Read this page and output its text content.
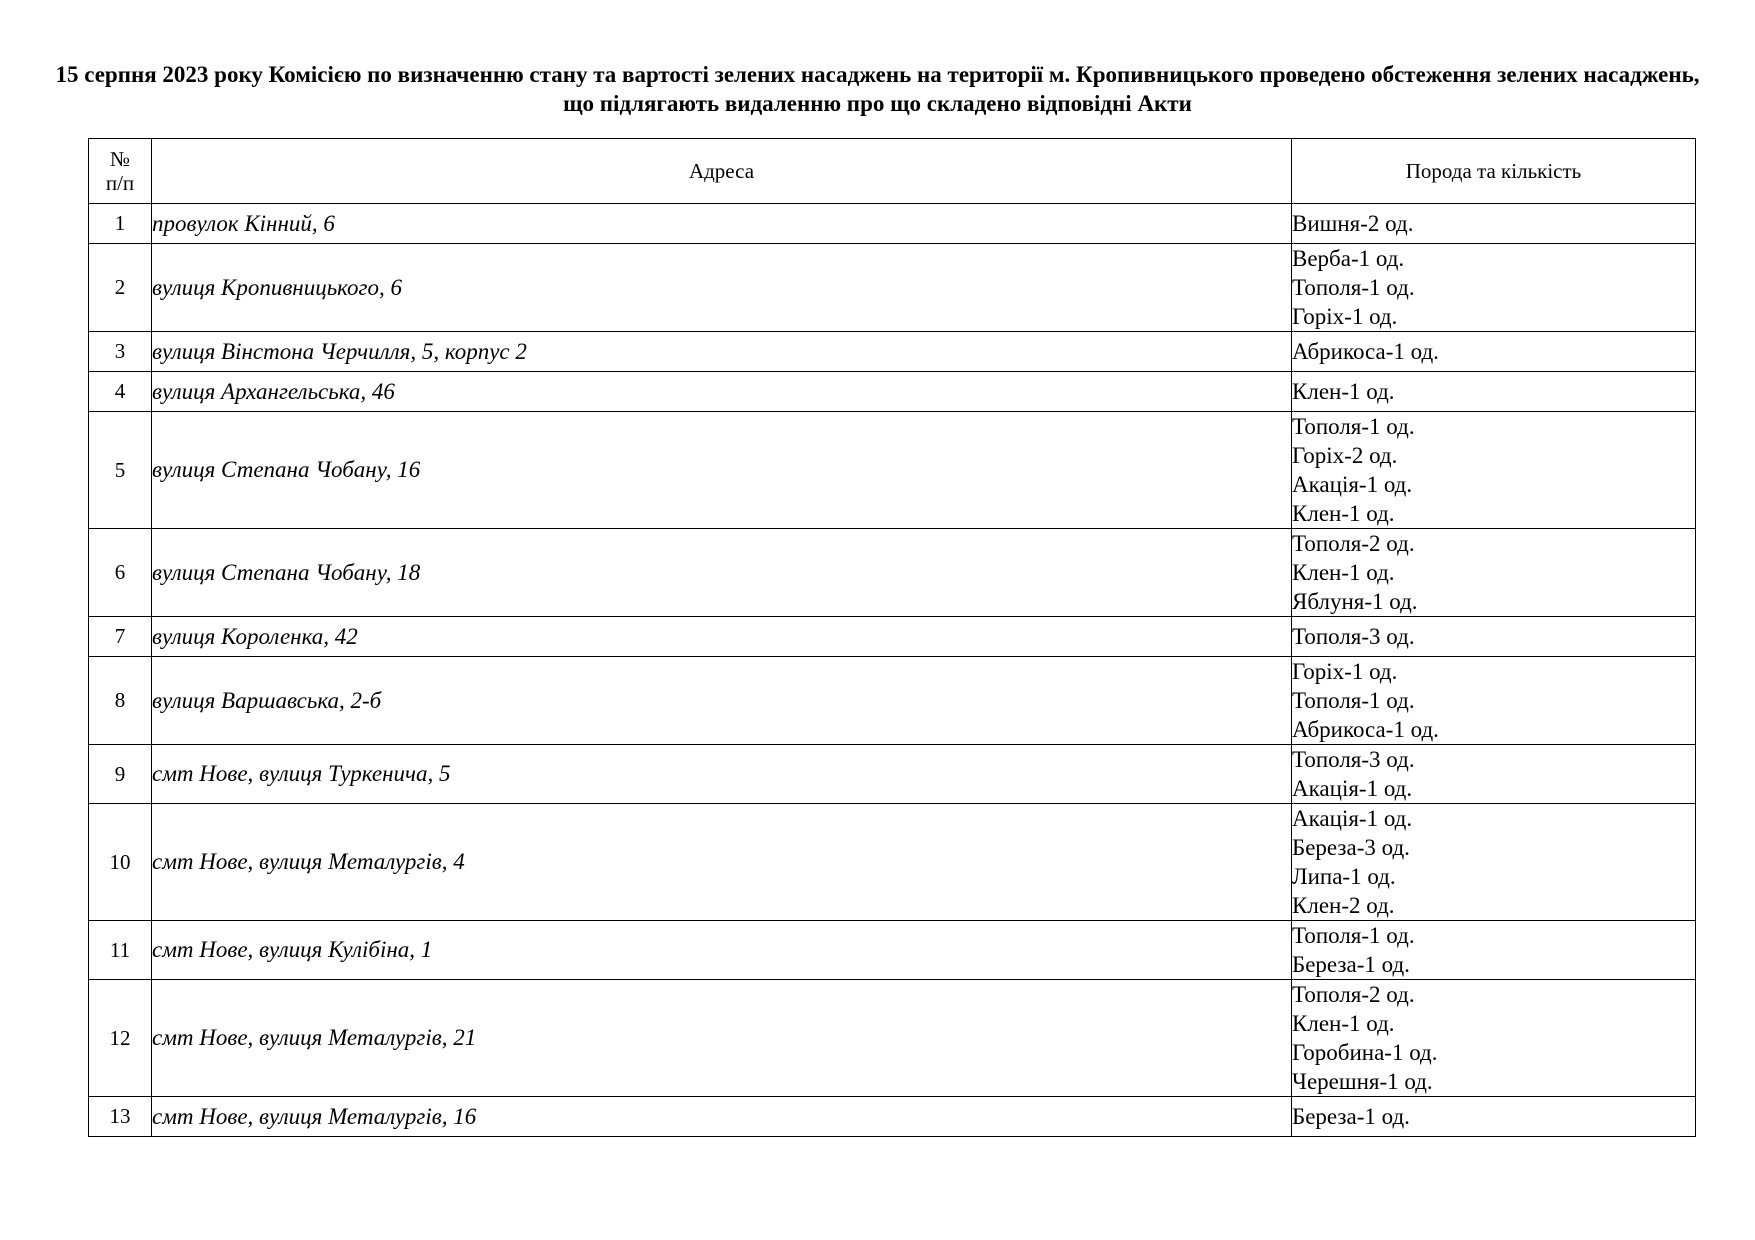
15 серпня 2023 року Комісією по визначенню стану та вартості зелених насаджень на території м. Кропивницького проведено обстеження зелених насаджень, що підлягають видаленню про що складено відповідні Акти
№
п/п	Адреса	Порода та кількість
1	провулок Кінний, 6	Вишня-2 од.

2	вулиця Кропивницького, 6	Верба-1 од.
Тополя-1 од.
Горіх-1 од.

3	вулиця Вінстона Черчилля, 5, корпус 2	Абрикоса-1 од.

4	вулиця Архангельська, 46	Клен-1 од.

5	вулиця Степана Чобану, 16	Тополя-1 од.
Горіх-2 од.
Акація-1 од.
Клен-1 од.

6	вулиця Степана Чобану, 18	Тополя-2 од.
Клен-1 од.
Яблуня-1 од.

7	вулиця Короленка, 42	Тополя-3 од.

8	вулиця Варшавська, 2-б	Горіх-1 од.
Тополя-1 од.
Абрикоса-1 од.

9	смт Нове, вулиця Туркенича, 5	Тополя-3 од.
Акація-1 од.

10	смт Нове, вулиця Металургів, 4	Акація-1 од.
Береза-3 од.
Липа-1 од.
Клен-2 од.

11	смт Нове, вулиця Кулібіна, 1	Тополя-1 од.
Береза-1 од.

12	смт Нове, вулиця Металургів, 21	Тополя-2 од.
Клен-1 од.
Горобина-1 од.
Черешня-1 од.

13	смт Нове, вулиця Металургів, 16	Береза-1 од.
